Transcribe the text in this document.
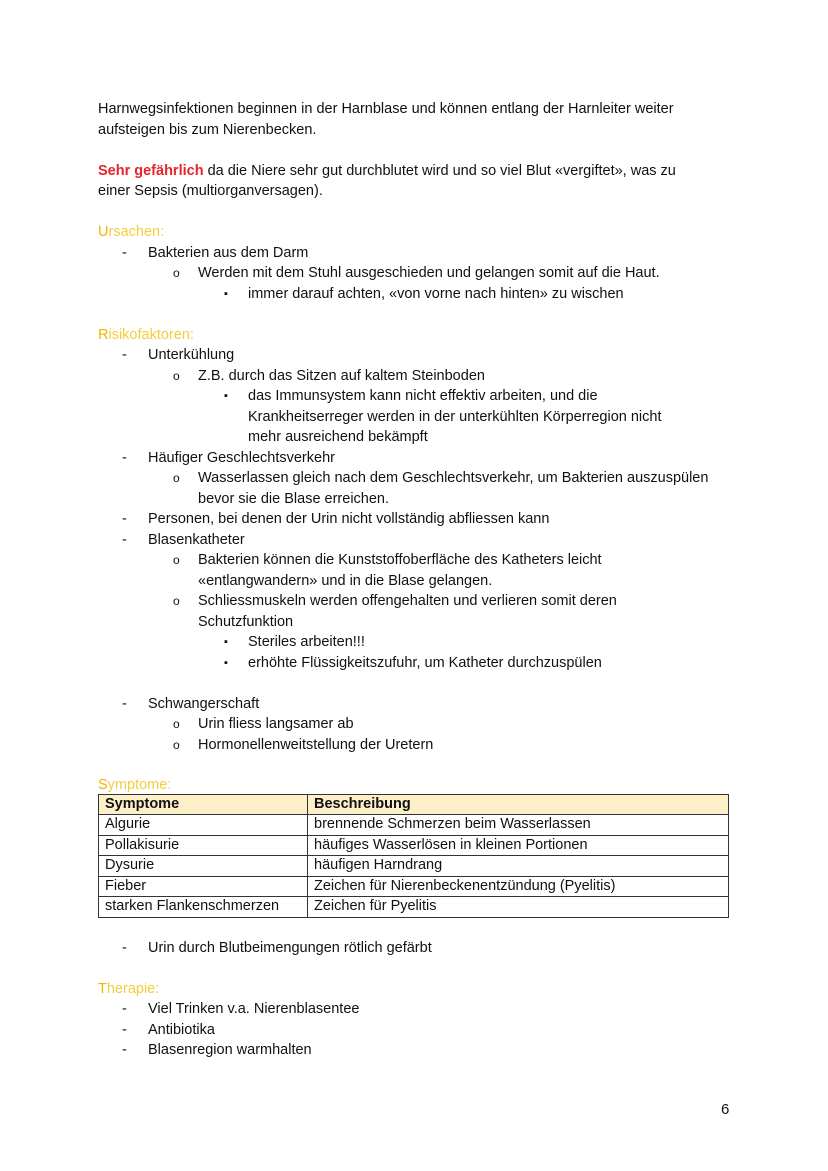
Harnwegsinfektionen beginnen in der Harnblase und können entlang der Harnleiter weiter
aufsteigen bis zum Nierenbecken.
Sehr gefährlich da die Niere sehr gut durchblutet wird und so viel Blut «vergiftet», was zu
einer Sepsis (multiorganversagen).
Ursachen:
- Bakterien aus dem Darm
o Werden mit dem Stuhl ausgeschieden und gelangen somit auf die Haut.
▪ immer darauf achten, «von vorne nach hinten» zu wischen
Risikofaktoren:
- Unterkühlung
o Z.B. durch das Sitzen auf kaltem Steinboden
▪ das Immunsystem kann nicht effektiv arbeiten, und die
Krankheitserreger werden in der unterkühlten Körperregion nicht
mehr ausreichend bekämpft
- Häufiger Geschlechtsverkehr
o Wasserlassen gleich nach dem Geschlechtsverkehr, um Bakterien auszuspülen
bevor sie die Blase erreichen.
- Personen, bei denen der Urin nicht vollständig abfliessen kann
- Blasenkatheter
o Bakterien können die Kunststoffoberfläche des Katheters leicht
«entlangwandern» und in die Blase gelangen.
o Schliessmuskeln werden offengehalten und verlieren somit deren
Schutzfunktion
▪ Steriles arbeiten!!!
▪ erhöhte Flüssigkeitszufuhr, um Katheter durchzuspülen
- Schwangerschaft
o Urin fliess langsamer ab
o Hormonellenweitstellung der Uretern
Symptome:
Symptome	Beschreibung
Algurie	brennende Schmerzen beim Wasserlassen
Pollakisurie	häufiges Wasserlösen in kleinen Portionen
Dysurie	häufigen Harndrang
Fieber	Zeichen für Nierenbeckenentzündung (Pyelitis)
starken Flankenschmerzen	Zeichen für Pyelitis
- Urin durch Blutbeimengungen rötlich gefärbt
Therapie:
- Viel Trinken v.a. Nierenblasentee
- Antibiotika
- Blasenregion warmhalten
6
